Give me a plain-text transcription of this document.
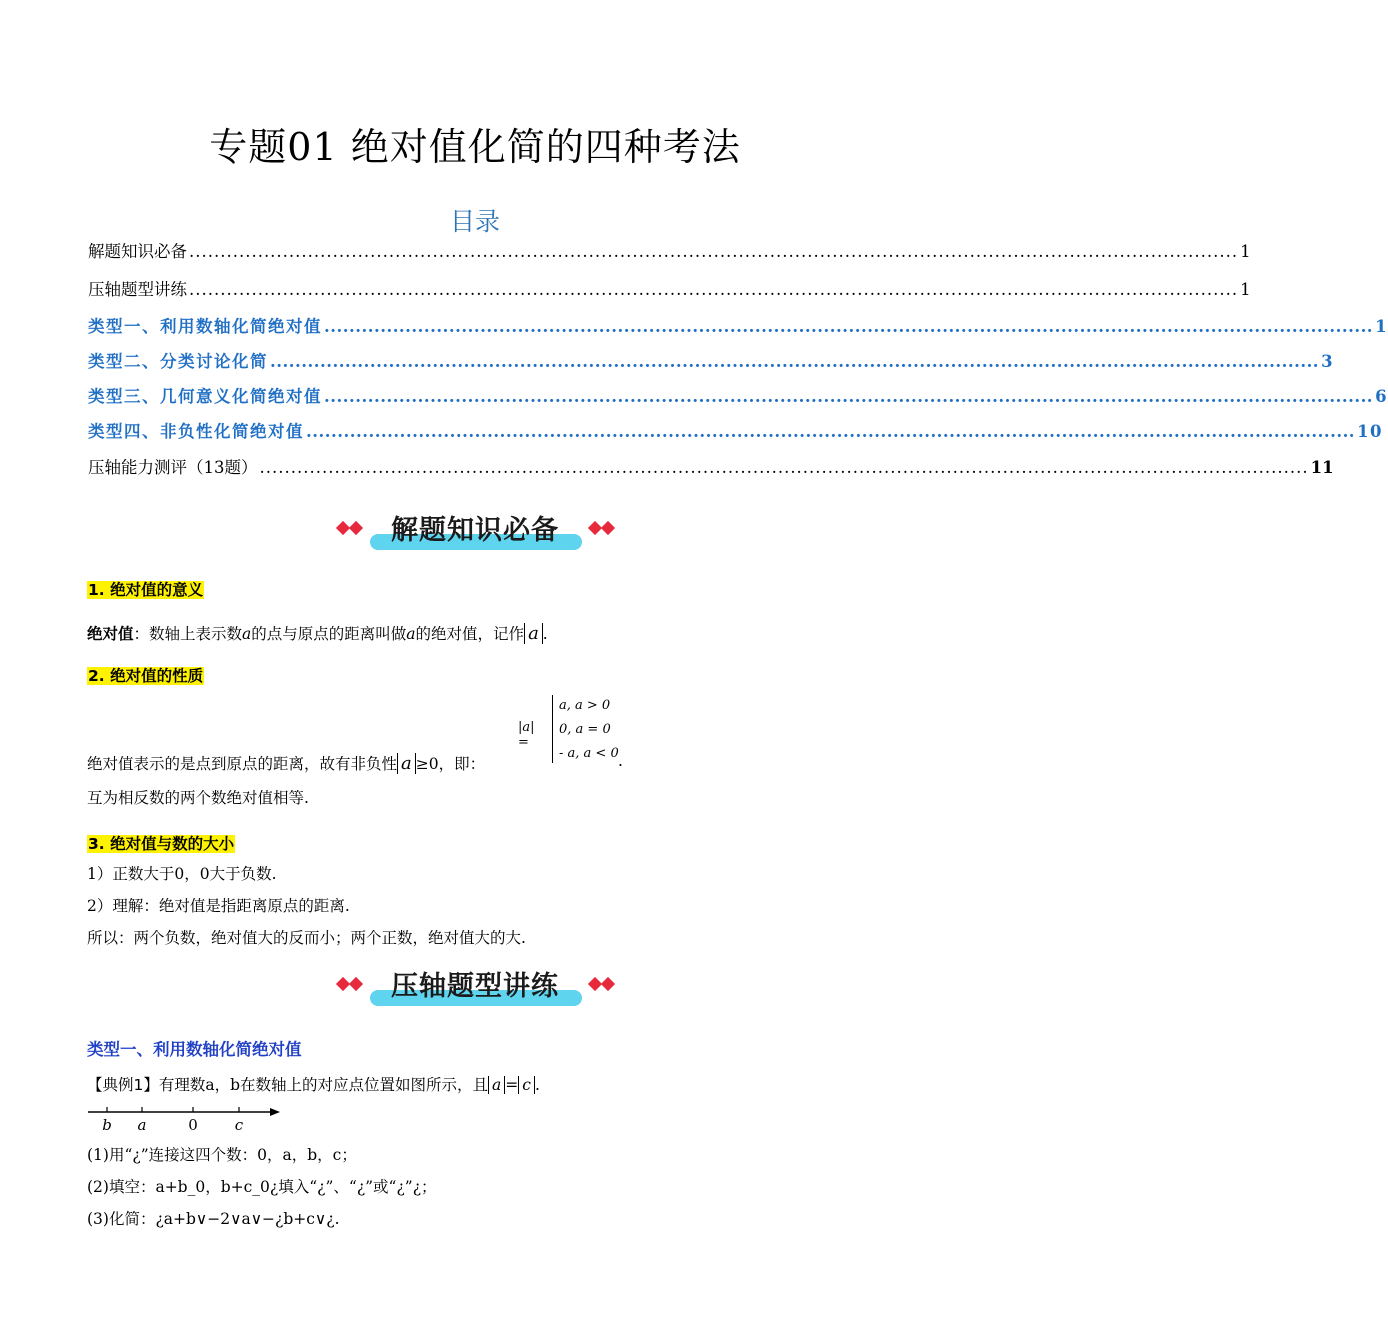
专题01 绝对值化简的四种考法
目录
解题知识必备 ........................................................................................................................................................................ 1
压轴题型讲练 ........................................................................................................................................................................ 1
类型一、利用数轴化简绝对值 ........................................................................................................................................................................ 1
类型二、分类讨论化简 ........................................................................................................................................................................ 3
类型三、几何意义化简绝对值 ........................................................................................................................................................................ 6
类型四、非负性化简绝对值 ........................................................................................................................................................................ 10
压轴能力测评（13题） ........................................................................................................................................................................ 11
解题知识必备
1. 绝对值的意义
绝对值：数轴上表示数a的点与原点的距离叫做a的绝对值，记作 a .
2. 绝对值的性质
|a| =
a, a > 0
0, a = 0
- a, a < 0
绝对值表示的是点到原点的距离，故有非负性 a ≥0，即：	.
互为相反数的两个数绝对值相等.
3. 绝对值与数的大小
1）正数大于0，0大于负数.
2）理解：绝对值是指距离原点的距离.
所以：两个负数，绝对值大的反而小；两个正数，绝对值大的大.
压轴题型讲练
类型一、利用数轴化简绝对值
【典例1】有理数a，b在数轴上的对应点位置如图所示，且 a = c .
b a	0 c
(1)用“¿”连接这四个数：0，a，b，c；
(2)填空：a+b_0，b+c_0¿填入“¿”、“¿”或“¿”¿；
(3)化简：¿a+b∨−2∨a∨−¿b+c∨¿.
